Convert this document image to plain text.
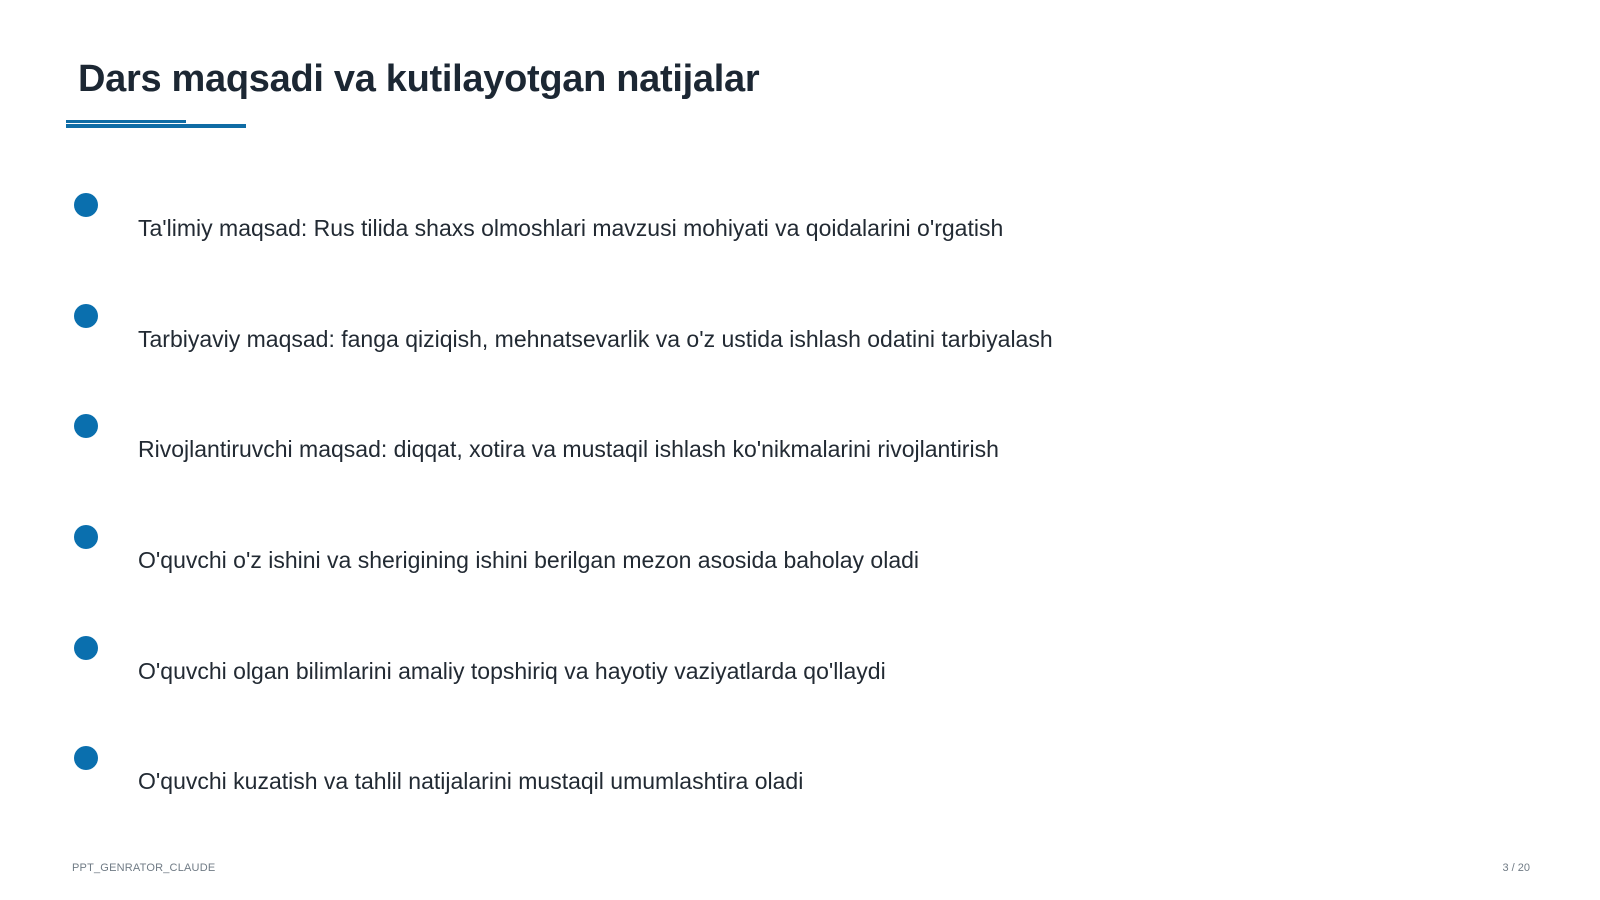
Dars maqsadi va kutilayotgan natijalar
Ta'limiy maqsad: Rus tilida shaxs olmoshlari mavzusi mohiyati va qoidalarini o'rgatish
Tarbiyaviy maqsad: fanga qiziqish, mehnatsevarlik va o'z ustida ishlash odatini tarbiyalash
Rivojlantiruvchi maqsad: diqqat, xotira va mustaqil ishlash ko'nikmalarini rivojlantirish
O'quvchi o'z ishini va sherigining ishini berilgan mezon asosida baholay oladi
O'quvchi olgan bilimlarini amaliy topshiriq va hayotiy vaziyatlarda qo'llaydi
O'quvchi kuzatish va tahlil natijalarini mustaqil umumlashtira oladi
PPT_GENRATOR_CLAUDE	3 / 20
